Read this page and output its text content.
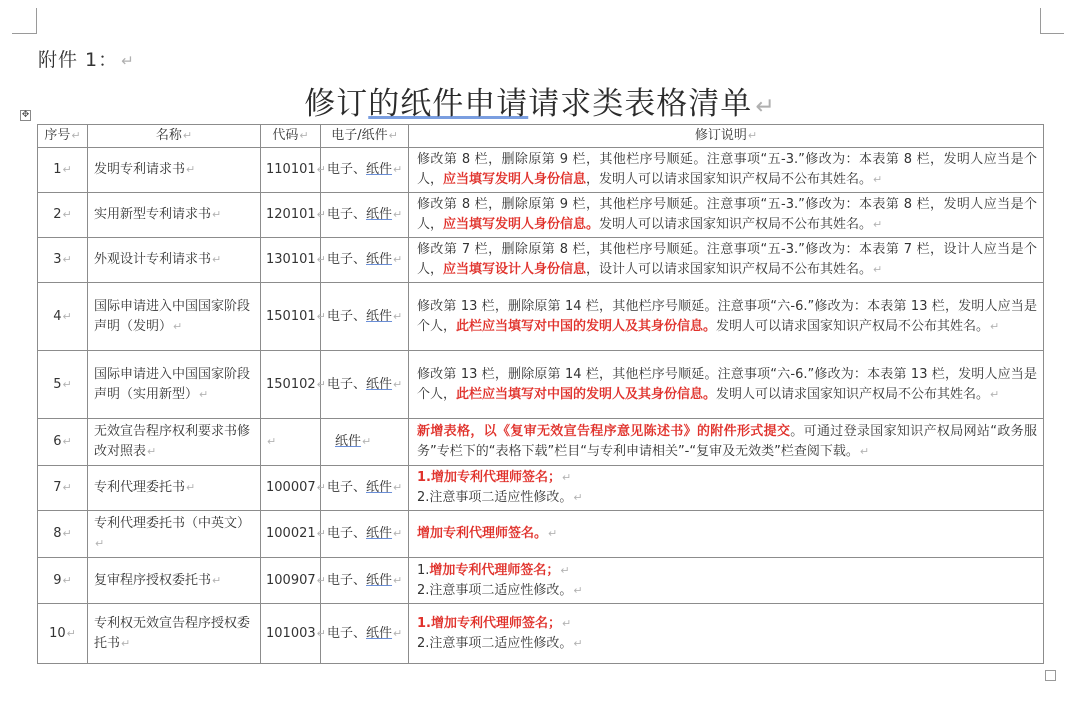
附件 1： ↵
修订的纸件申请请求类表格清单 ↵
✥
序号↵	名称↵	代码↵	电子/纸件↵	修订说明↵
1↵	发明专利请求书↵	110101↵	电子、纸件↵	修改第 8 栏，删除原第 9 栏，其他栏序号顺延。注意事项“五-3.”修改为：本表第 8 栏，发明人应当是个人，应当填写发明人身份信息，发明人可以请求国家知识产权局不公布其姓名。↵

2↵	实用新型专利请求书↵	120101↵	电子、纸件↵	修改第 8 栏，删除原第 9 栏，其他栏序号顺延。注意事项“五-3.”修改为：本表第 8 栏，发明人应当是个人，应当填写发明人身份信息。发明人可以请求国家知识产权局不公布其姓名。↵

3↵	外观设计专利请求书↵	130101↵	电子、纸件↵	修改第 7 栏，删除原第 8 栏，其他栏序号顺延。注意事项“五-3.”修改为：本表第 7 栏，设计人应当是个人，应当填写设计人身份信息，设计人可以请求国家知识产权局不公布其姓名。↵

4↵	国际申请进入中国国家阶段声明（发明）↵	150101↵	电子、纸件↵	修改第 13 栏，删除原第 14 栏，其他栏序号顺延。注意事项“六-6.”修改为：本表第 13 栏，发明人应当是个人，此栏应当填写对中国的发明人及其身份信息。发明人可以请求国家知识产权局不公布其姓名。↵

5↵	国际申请进入中国国家阶段声明（实用新型）↵	150102↵	电子、纸件↵	修改第 13 栏，删除原第 14 栏，其他栏序号顺延。注意事项“六-6.”修改为：本表第 13 栏，发明人应当是个人，此栏应当填写对中国的发明人及其身份信息。发明人可以请求国家知识产权局不公布其姓名。↵

6↵	无效宣告程序权利要求书修改对照表↵	↵	纸件↵	新增表格，以《复审无效宣告程序意见陈述书》的附件形式提交。可通过登录国家知识产权局网站“政务服务”专栏下的“表格下载”栏目“与专利申请相关”-“复审及无效类”栏查阅下载。↵

7↵	专利代理委托书↵	100007↵	电子、纸件↵	1.增加专利代理师签名；↵
2.注意事项二适应性修改。↵

8↵	专利代理委托书（中英文）↵	100021↵	电子、纸件↵	增加专利代理师签名。↵

9↵	复审程序授权委托书↵	100907↵	电子、纸件↵	1.增加专利代理师签名；↵
2.注意事项二适应性修改。↵

10↵	专利权无效宣告程序授权委托书↵	101003↵	电子、纸件↵	1.增加专利代理师签名；↵
2.注意事项二适应性修改。↵
